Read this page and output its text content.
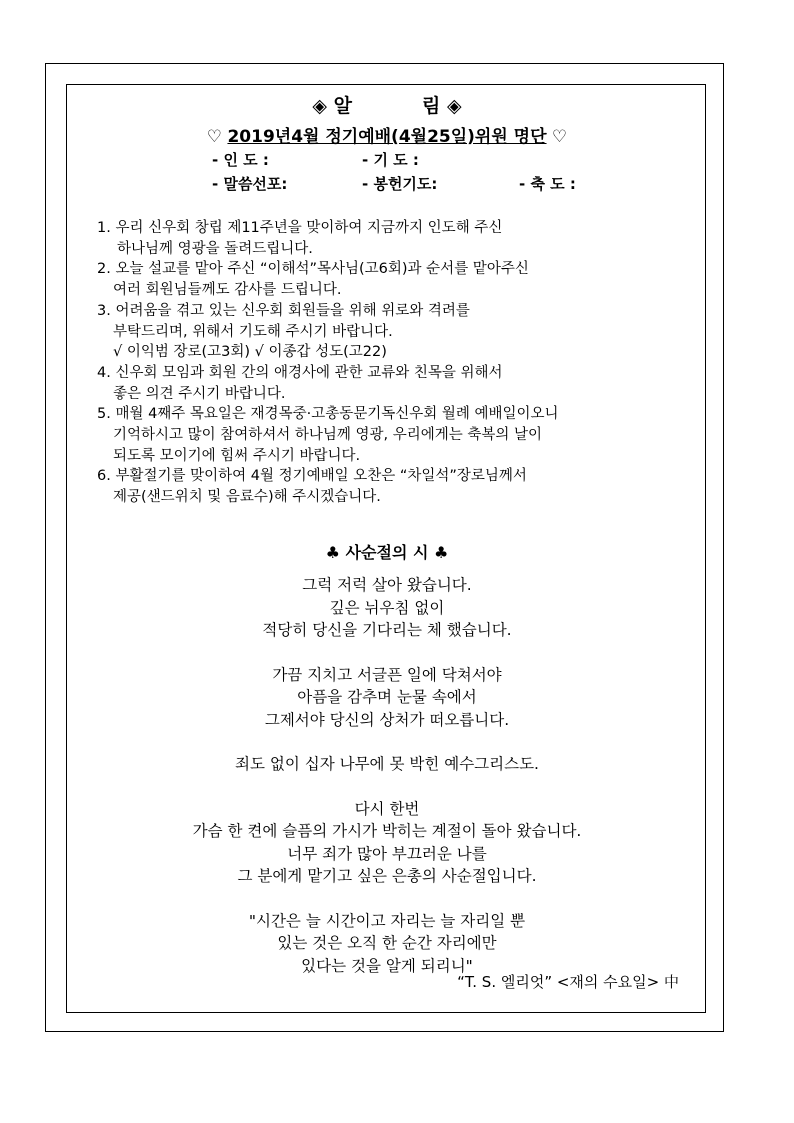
◈ 알	림 ◈
♡ 2019년4월 정기예배(4월25일)위원 명단 ♡
- 인 도 :	- 기 도 :
- 말씀선포:	- 봉헌기도:	- 축 도 :
1. 우리 신우회 창립 제11주년을 맞이하여 지금까지 인도해 주신
하나님께 영광을 돌려드립니다.
2. 오늘 설교를 맡아 주신 “이해석”목사님(고6회)과 순서를 맡아주신
여러 회원님들께도 감사를 드립니다.
3. 어려움을 겪고 있는 신우회 회원들을 위해 위로와 격려를
부탁드리며, 위해서 기도해 주시기 바랍니다.
√ 이익범 장로(고3회) √ 이종갑 성도(고22)
4. 신우회 모임과 회원 간의 애경사에 관한 교류와 친목을 위해서
좋은 의견 주시기 바랍니다.
5. 매월 4째주 목요일은 재경목중·고총동문기독신우회 월례 예배일이오니
기억하시고 많이 참여하셔서 하나님께 영광, 우리에게는 축복의 날이
되도록 모이기에 힘써 주시기 바랍니다.
6. 부활절기를 맞이하여 4월 정기예배일 오찬은 “차일석”장로님께서
제공(샌드위치 및 음료수)해 주시겠습니다.
♣ 사순절의 시 ♣
그럭 저럭 살아 왔습니다.
깊은 뉘우침 없이
적당히 당신을 기다리는 체 했습니다.
가끔 지치고 서글픈 일에 닥쳐서야
아픔을 감추며 눈물 속에서
그제서야 당신의 상처가 떠오릅니다.
죄도 없이 십자 나무에 못 박힌 예수그리스도.
다시 한번
가슴 한 켠에 슬픔의 가시가 박히는 계절이 돌아 왔습니다.
너무 죄가 많아 부끄러운 나를
그 분에게 맡기고 싶은 은총의 사순절입니다.
"시간은 늘 시간이고 자리는 늘 자리일 뿐
있는 것은 오직 한 순간 자리에만
있다는 것을 알게 되리니"
“T. S. 엘리엇” <재의 수요일> 中
